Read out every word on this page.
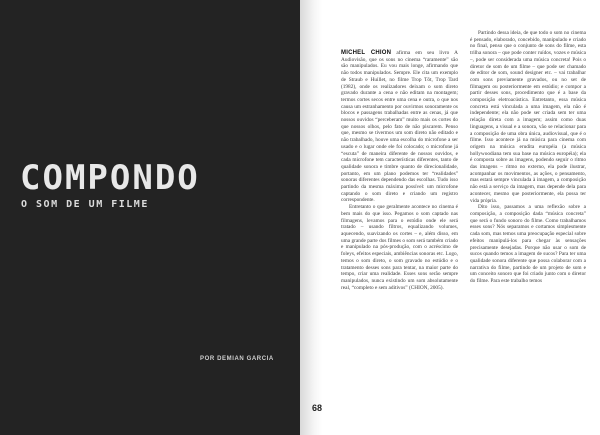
COMPONDO
O SOM DE UM FILME
POR DEMIAN GARCIA

MICHEL CHION afirma em seu livro A Audiovisão, que os sons no cinema “raramente” são são manipulados. Eu vou mais longe, afirmando que não todos manipulados. Sempre. Ele cita um exemplo de Straub e Huillet, no filme Trop Tôt, Trop Tard (1982), onde os realizadores deixam o som direto gravado durante a cena e não editam na montagem; termos cortes secos entre uma cena e outra, o que nos causa um estranhamento por ouvirmos sonoramente os blocos e passagens trabalhadas entre as cenas, já que nossos ouvidos “perceberam” muito mais os cortes do que nossos olhos, pelo fato de não piscarem. Penso que, mesmo se tivermos um som direto não editado e não trabalhado, houve uma escolha do microfone a ser usado e o lugar onde ele foi colocado; o microfone já “escuta” de maneira diferente de nossos ouvidos, e cada microfone tem características diferentes, tanto de qualidade sonora e timbre quanto de direcionalidade, portanto, em um plano podemos ter “realidades” sonoras diferentes dependendo das escolhas. Tudo isso partindo da mesma máxima possível: um microfone captando o som direto e criando um registro correspondente.

Entretanto o que geralmente acontece no cinema é bem mais do que isso. Pegamos o som captado nas filmagens, levamos para o estúdio onde ele será tratado – usando filtros, equalizando volumes, aquecendo, suavizando os cortes – e, além disso, em uma grande parte dos filmes o som será também criado e manipulado na pós-produção, com o acréscimo de foleys, efeitos especiais, ambiências sonoras etc. Logo, temos o som direto, o som gravado no estúdio e o tratamento desses sons para tentar, na maior parte do tempo, criar uma realidade. Esses sons serão sempre manipulados, nunca existindo um som absolutamente real, “completo e sem aditivos” (CHION, 2005).

Partindo dessa ideia, de que todo o som no cinema é pensado, elaborado, concebido, manipulado e criado no final, penso que o conjunto de sons do filme, esta trilha sonora – que pode conter ruídos, vozes e música –, pode ser considerada uma música concreta! Pois o diretor de som de um filme – que pode ser chamado de editor de som, sound designer etc. – vai trabalhar com sons previamente gravados, ou no set de filmagem ou posteriormente em estúdio; e compor a partir desses sons, procedimento que é a base da composição eletroacústica. Entretanto, essa música concreta está vinculada a uma imagem, ela não é independente; ela não pode ser criada sem ter uma relação direta com a imagem; assim como duas linguagens, a visual e a sonora, vão se relacionar para a composição de uma obra única, audiovisual, que é o filme. Isso acontece já na música para cinema com origem na música erudita européia (a música hollywoodiana tem sua base na música européia); ela é composta sobre as imagens, podendo seguir o ritmo das imagens – ritmo no externo, ela pode ilustrar, acompanhar os movimentos, as ações, o pensamento, mas estará sempre vinculada à imagem, a composição não está a serviço da imagem, mas depende dela para acontecer, mesmo que posteriormente, ela possa ter vida própria.

Dito isso, passamos a uma reflexão sobre a composição, a composição dada “música concreta” que será o fundo sonoro do filme. Como trabalhamos esses sons? Nós separamos e cortamos simplesmente cada som, mas temos uma preocupação especial sobre efeitos manipulá-los para chegar às sensações precisamente desejadas. Porque não usar o som de sucos quando temos a imagem de sucos? Para ter uma qualidade sonora diferente que possa colaborar com a narrativa do filme, partindo de um projeto de som e um conceito sonoro que foi criado junto com o diretor do filme. Para este trabalho temos

68
